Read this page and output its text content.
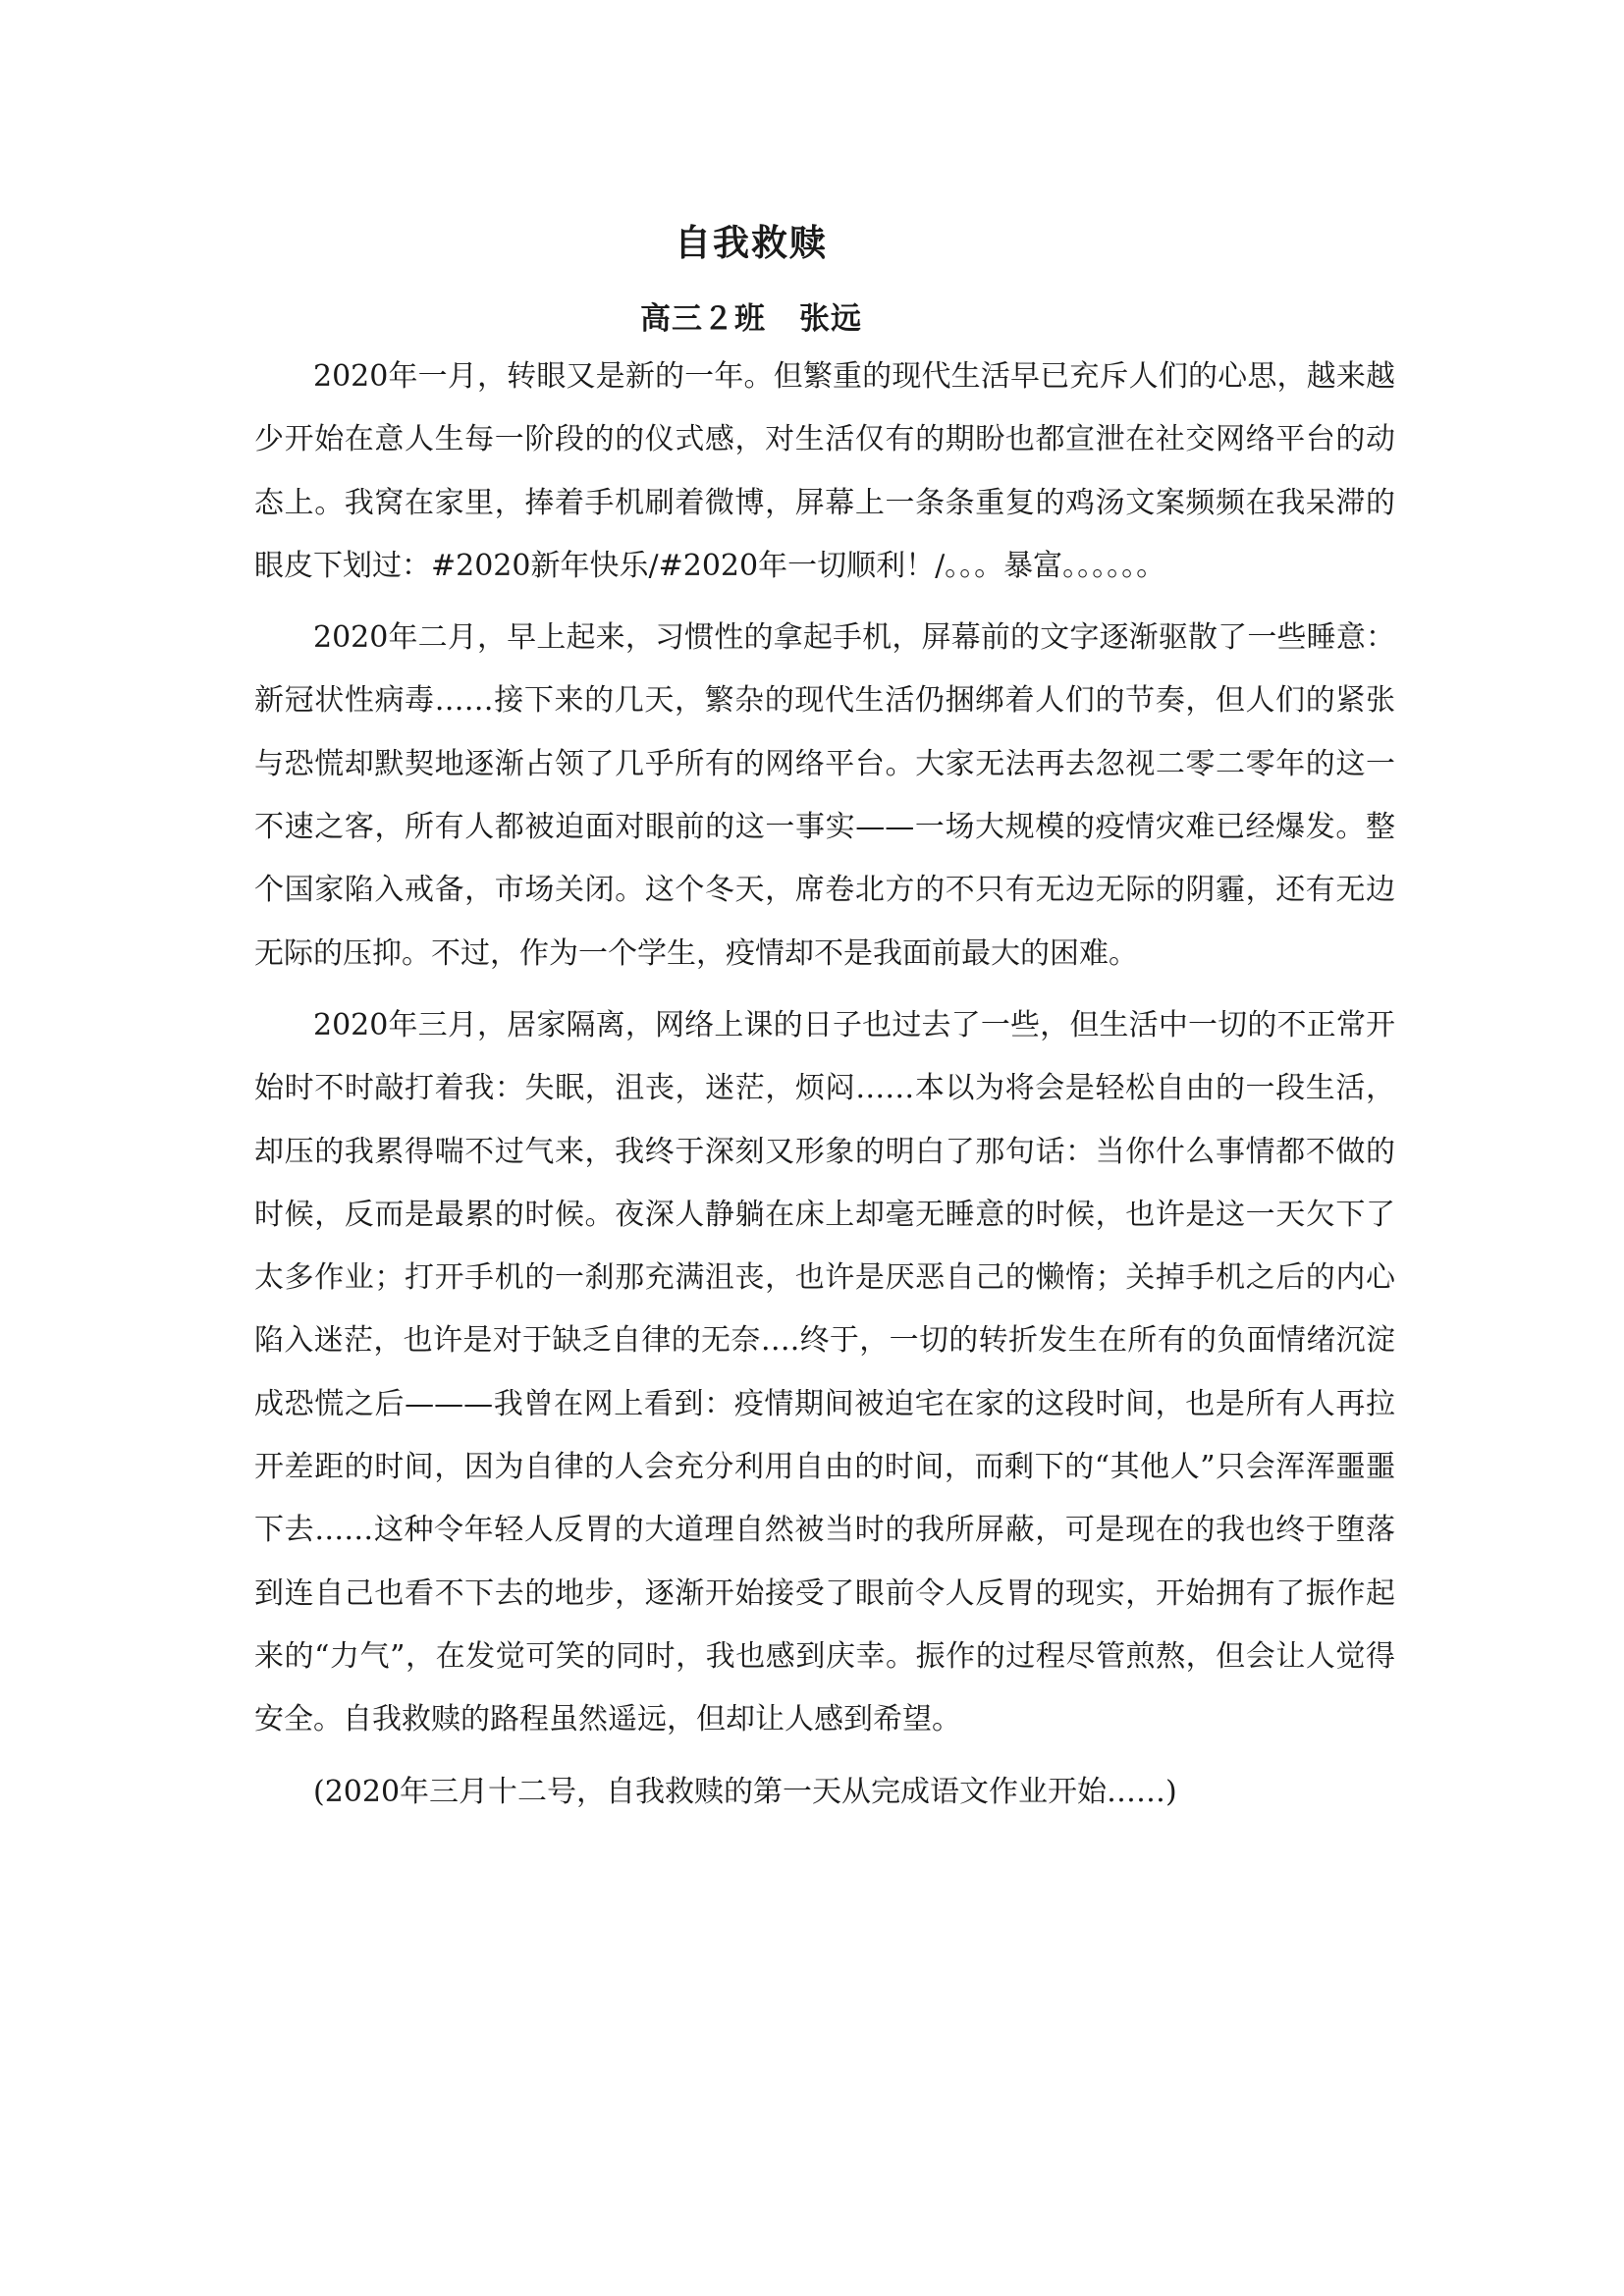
自我救赎
高三２班 张远

2020年一月，转眼又是新的一年。但繁重的现代生活早已充斥人们的心思，越来越少开始在意人生每一阶段的的仪式感，对生活仅有的期盼也都宣泄在社交网络平台的动态上。我窝在家里，捧着手机刷着微博，屏幕上一条条重复的鸡汤文案频频在我呆滞的眼皮下划过：#2020新年快乐/#2020年一切顺利！/。。。暴富。。。。。。

2020年二月，早上起来，习惯性的拿起手机，屏幕前的文字逐渐驱散了一些睡意：新冠状性病毒……接下来的几天，繁杂的现代生活仍捆绑着人们的节奏，但人们的紧张与恐慌却默契地逐渐占领了几乎所有的网络平台。大家无法再去忽视二零二零年的这一不速之客，所有人都被迫面对眼前的这一事实——一场大规模的疫情灾难已经爆发。整个国家陷入戒备，市场关闭。这个冬天，席卷北方的不只有无边无际的阴霾，还有无边无际的压抑。不过，作为一个学生，疫情却不是我面前最大的困难。

2020年三月，居家隔离，网络上课的日子也过去了一些，但生活中一切的不正常开始时不时敲打着我：失眠，沮丧，迷茫，烦闷……本以为将会是轻松自由的一段生活，却压的我累得喘不过气来，我终于深刻又形象的明白了那句话：当你什么事情都不做的时候，反而是最累的时候。夜深人静躺在床上却毫无睡意的时候，也许是这一天欠下了太多作业；打开手机的一刹那充满沮丧，也许是厌恶自己的懒惰；关掉手机之后的内心陷入迷茫，也许是对于缺乏自律的无奈….终于，一切的转折发生在所有的负面情绪沉淀成恐慌之后———我曾在网上看到：疫情期间被迫宅在家的这段时间，也是所有人再拉开差距的时间，因为自律的人会充分利用自由的时间，而剩下的“其他人”只会浑浑噩噩下去……这种令年轻人反胃的大道理自然被当时的我所屏蔽，可是现在的我也终于堕落到连自己也看不下去的地步，逐渐开始接受了眼前令人反胃的现实，开始拥有了振作起来的“力气”，在发觉可笑的同时，我也感到庆幸。振作的过程尽管煎熬，但会让人觉得安全。自我救赎的路程虽然遥远，但却让人感到希望。

(2020年三月十二号，自我救赎的第一天从完成语文作业开始……)
